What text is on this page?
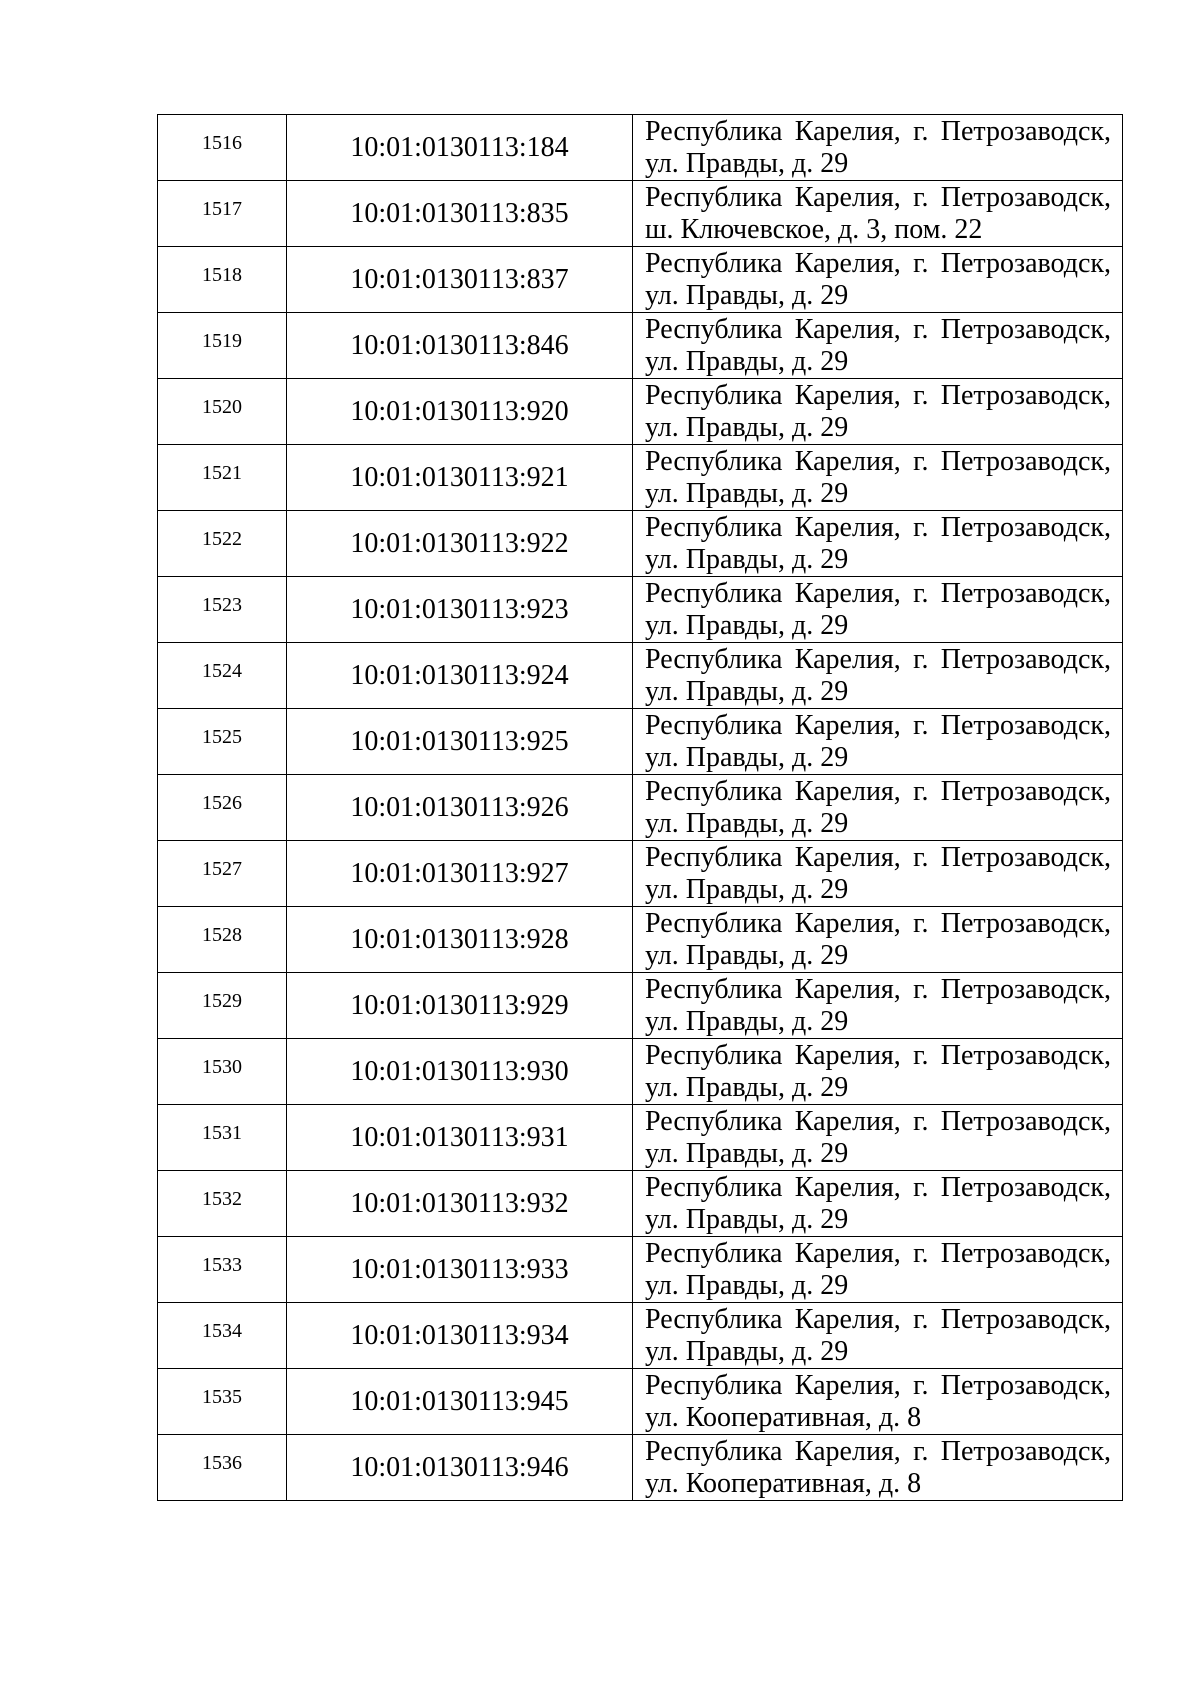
1516	10:01:0130113:184	Республика Карелия, г. Петрозаводск,
ул. Правды, д. 29

1517	10:01:0130113:835	Республика Карелия, г. Петрозаводск,
ш. Ключевское, д. 3, пом. 22

1518	10:01:0130113:837	Республика Карелия, г. Петрозаводск,
ул. Правды, д. 29

1519	10:01:0130113:846	Республика Карелия, г. Петрозаводск,
ул. Правды, д. 29

1520	10:01:0130113:920	Республика Карелия, г. Петрозаводск,
ул. Правды, д. 29

1521	10:01:0130113:921	Республика Карелия, г. Петрозаводск,
ул. Правды, д. 29

1522	10:01:0130113:922	Республика Карелия, г. Петрозаводск,
ул. Правды, д. 29

1523	10:01:0130113:923	Республика Карелия, г. Петрозаводск,
ул. Правды, д. 29

1524	10:01:0130113:924	Республика Карелия, г. Петрозаводск,
ул. Правды, д. 29

1525	10:01:0130113:925	Республика Карелия, г. Петрозаводск,
ул. Правды, д. 29

1526	10:01:0130113:926	Республика Карелия, г. Петрозаводск,
ул. Правды, д. 29

1527	10:01:0130113:927	Республика Карелия, г. Петрозаводск,
ул. Правды, д. 29

1528	10:01:0130113:928	Республика Карелия, г. Петрозаводск,
ул. Правды, д. 29

1529	10:01:0130113:929	Республика Карелия, г. Петрозаводск,
ул. Правды, д. 29

1530	10:01:0130113:930	Республика Карелия, г. Петрозаводск,
ул. Правды, д. 29

1531	10:01:0130113:931	Республика Карелия, г. Петрозаводск,
ул. Правды, д. 29

1532	10:01:0130113:932	Республика Карелия, г. Петрозаводск,
ул. Правды, д. 29

1533	10:01:0130113:933	Республика Карелия, г. Петрозаводск,
ул. Правды, д. 29

1534	10:01:0130113:934	Республика Карелия, г. Петрозаводск,
ул. Правды, д. 29

1535	10:01:0130113:945	Республика Карелия, г. Петрозаводск,
ул. Кооперативная, д. 8

1536	10:01:0130113:946	Республика Карелия, г. Петрозаводск,
ул. Кооперативная, д. 8
